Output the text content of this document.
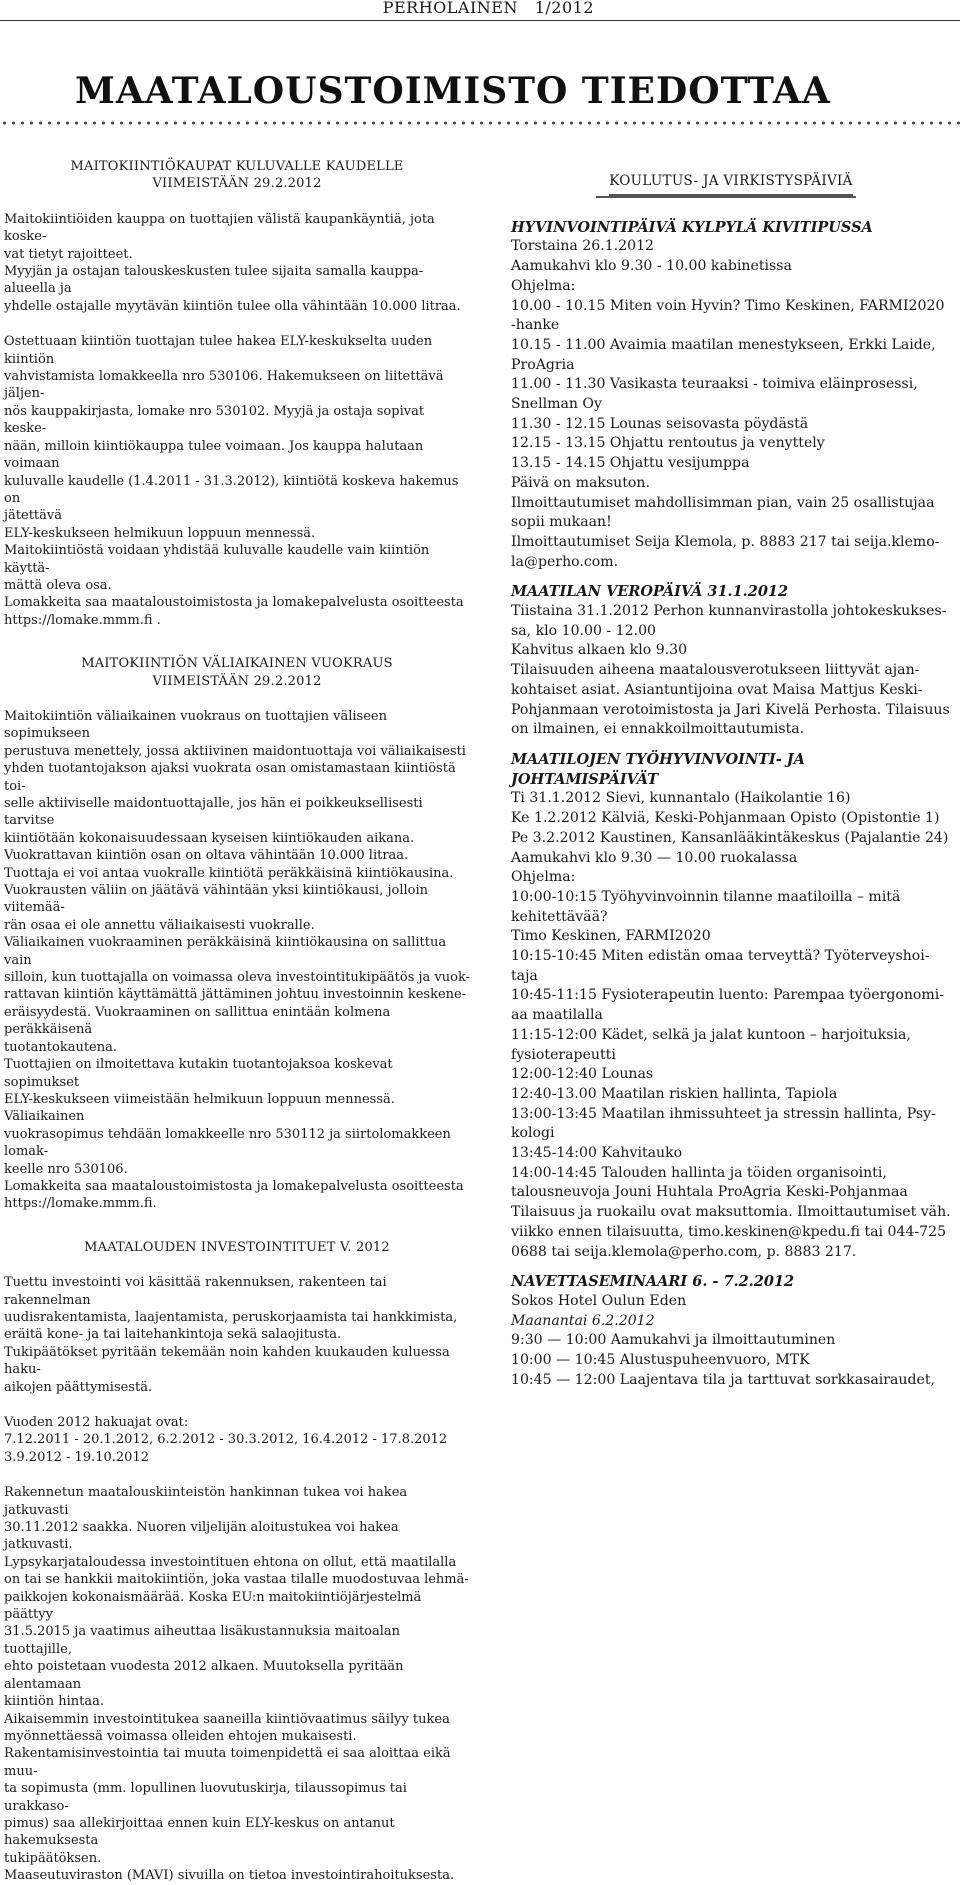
PERHOLAINEN   1/2012
MAATALOUSTOIMISTO TIEDOTTAA

MAITOKIINTIÖKAUPAT KULUVALLE KAUDELLE

VIIMEISTÄÄN 29.2.2012

Maitokiintiöiden kauppa on tuottajien välistä kaupankäyntiä, jota koske-

vat tietyt rajoitteet.

Myyjän ja ostajan talouskeskusten tulee sijaita samalla kauppa-alueella ja

yhdelle ostajalle myytävän kiintiön tulee olla vähintään 10.000 litraa.

Ostettuaan kiintiön tuottajan tulee hakea ELY-keskukselta uuden kiintiön

vahvistamista lomakkeella nro 530106. Hakemukseen on liitettävä jäljen-

nös kauppakirjasta, lomake nro 530102. Myyjä ja ostaja sopivat keske-

nään, milloin kiintiökauppa tulee voimaan. Jos kauppa halutaan voimaan

kuluvalle kaudelle (1.4.2011 - 31.3.2012), kiintiötä koskeva hakemus on

jätettävä

ELY-keskukseen helmikuun loppuun mennessä.

Maitokiintiöstä voidaan yhdistää kuluvalle kaudelle vain kiintiön käyttä-

mättä oleva osa.

Lomakkeita saa maataloustoimistosta ja lomakepalvelusta osoitteesta

https://lomake.mmm.fi .

MAITOKIINTIÖN VÄLIAIKAINEN VUOKRAUS

VIIMEISTÄÄN 29.2.2012

Maitokiintiön väliaikainen vuokraus on tuottajien väliseen sopimukseen

perustuva menettely, jossa aktiivinen maidontuottaja voi väliaikaisesti

yhden tuotantojakson ajaksi vuokrata osan omistamastaan kiintiöstä toi-

selle aktiiviselle maidontuottajalle, jos hän ei poikkeuksellisesti tarvitse

kiintiötään kokonaisuudessaan kyseisen kiintiökauden aikana.

Vuokrattavan kiintiön osan on oltava vähintään 10.000 litraa.

Tuottaja ei voi antaa vuokralle kiintiötä peräkkäisinä kiintiökausina.

Vuokrausten väliin on jäätävä vähintään yksi kiintiökausi, jolloin viitemää-

rän osaa ei ole annettu väliaikaisesti vuokralle.

Väliaikainen vuokraaminen peräkkäisinä kiintiökausina on sallittua vain

silloin, kun tuottajalla on voimassa oleva investointitukipäätös ja vuok-

rattavan kiintiön käyttämättä jättäminen johtuu investoinnin keskene-

eräisyydestä. Vuokraaminen on sallittua enintään kolmena peräkkäisenä

tuotantokautena.

Tuottajien on ilmoitettava kutakin tuotantojaksoa koskevat sopimukset

ELY-keskukseen viimeistään helmikuun loppuun mennessä. Väliaikainen

vuokrasopimus tehdään lomakkeelle nro 530112 ja siirtolomakkeen lomak-

keelle nro 530106.

Lomakkeita saa maataloustoimistosta ja lomakepalvelusta osoitteesta

https://lomake.mmm.fi.

MAATALOUDEN INVESTOINTITUET V. 2012

Tuettu investointi voi käsittää rakennuksen, rakenteen tai rakennelman

uudisrakentamista, laajentamista, peruskorjaamista tai hankkimista,

eräitä kone- ja tai laitehankintoja sekä salaojitusta.

Tukipäätökset pyritään tekemään noin kahden kuukauden kuluessa haku-

aikojen päättymisestä.

Vuoden 2012 hakuajat ovat:

7.12.2011 - 20.1.2012, 6.2.2012 - 30.3.2012, 16.4.2012 - 17.8.2012

3.9.2012 - 19.10.2012

Rakennetun maatalouskiinteistön hankinnan tukea voi hakea jatkuvasti

30.11.2012 saakka. Nuoren viljelijän aloitustukea voi hakea jatkuvasti.

Lypsykarjataloudessa investointituen ehtona on ollut, että maatilalla

on tai se hankkii maitokiintiön, joka vastaa tilalle muodostuvaa lehmä-

paikkojen kokonaismäärää. Koska EU:n maitokiintiöjärjestelmä päättyy

31.5.2015 ja vaatimus aiheuttaa lisäkustannuksia maitoalan tuottajille,

ehto poistetaan vuodesta 2012 alkaen. Muutoksella pyritään alentamaan

kiintiön hintaa.

Aikaisemmin investointitukea saaneilla kiintiövaatimus säilyy tukea

myönnettäessä voimassa olleiden ehtojen mukaisesti.

Rakentamisinvestointia tai muuta toimenpidettä ei saa aloittaa eikä muu-

ta sopimusta (mm. lopullinen luovutuskirja, tilaussopimus tai urakkaso-

pimus) saa allekirjoittaa ennen kuin ELY-keskus on antanut hakemuksesta

tukipäätöksen.

Maaseutuviraston (MAVI) sivuilla on tietoa investointirahoituksesta.

KOULUTUS- JA VIRKISTYSPÄIVIÄ

HYVINVOINTIPÄIVÄ KYLPYLÄ KIVITIPUSSA

Torstaina 26.1.2012

Aamukahvi klo 9.30 - 10.00 kabinetissa

Ohjelma:

10.00 - 10.15 Miten voin Hyvin? Timo Keskinen, FARMI2020

-hanke

10.15 - 11.00 Avaimia maatilan menestykseen, Erkki Laide,

ProAgria

11.00 - 11.30 Vasikasta teuraaksi - toimiva eläinprosessi,

Snellman Oy

11.30 - 12.15 Lounas seisovasta pöydästä

12.15 - 13.15 Ohjattu rentoutus ja venyttely

13.15 - 14.15 Ohjattu vesijumppa

Päivä on maksuton.

Ilmoittautumiset mahdollisimman pian, vain 25 osallistujaa

sopii mukaan!

Ilmoittautumiset Seija Klemola, p. 8883 217 tai seija.klemo-

la@perho.com.

MAATILAN VEROPÄIVÄ 31.1.2012

Tiistaina 31.1.2012 Perhon kunnanvirastolla johtokeskukses-

sa, klo 10.00 - 12.00

Kahvitus alkaen klo 9.30

Tilaisuuden aiheena maatalousverotukseen liittyvät ajan-

kohtaiset asiat. Asiantuntijoina ovat Maisa Mattjus Keski-

Pohjanmaan verotoimistosta ja Jari Kivelä Perhosta. Tilaisuus

on ilmainen, ei ennakkoilmoittautumista.

MAATILOJEN TYÖHYVINVOINTI- JA JOHTAMISPÄIVÄT

Ti 31.1.2012 Sievi, kunnantalo (Haikolantie 16)

Ke 1.2.2012 Kälviä, Keski-Pohjanmaan Opisto (Opistontie 1)

Pe 3.2.2012 Kaustinen, Kansanlääkintäkeskus (Pajalantie 24)

Aamukahvi klo 9.30 — 10.00 ruokalassa

Ohjelma:

10:00-10:15 Työhyvinvoinnin tilanne maatiloilla – mitä

kehitettävää?

Timo Keskinen, FARMI2020

10:15-10:45 Miten edistän omaa terveyttä? Työterveyshoi-

taja

10:45-11:15 Fysioterapeutin luento: Parempaa työergonomi-

aa maatilalla

11:15-12:00 Kädet, selkä ja jalat kuntoon – harjoituksia,

fysioterapeutti

12:00-12:40 Lounas

12:40-13.00 Maatilan riskien hallinta, Tapiola

13:00-13:45 Maatilan ihmissuhteet ja stressin hallinta, Psy-

kologi

13:45-14:00 Kahvitauko

14:00-14:45 Talouden hallinta ja töiden organisointi,

talousneuvoja Jouni Huhtala ProAgria Keski-Pohjanmaa

Tilaisuus ja ruokailu ovat maksuttomia. Ilmoittautumiset väh.

viikko ennen tilaisuutta, timo.keskinen@kpedu.fi tai 044-725

0688 tai seija.klemola@perho.com, p. 8883 217.

NAVETTASEMINAARI 6. - 7.2.2012

Sokos Hotel Oulun Eden

Maanantai 6.2.2012

9:30 — 10:00 Aamukahvi ja ilmoittautuminen

10:00 — 10:45 Alustuspuheenvuoro, MTK

10:45 — 12:00 Laajentava tila ja tarttuvat sorkkasairaudet,
